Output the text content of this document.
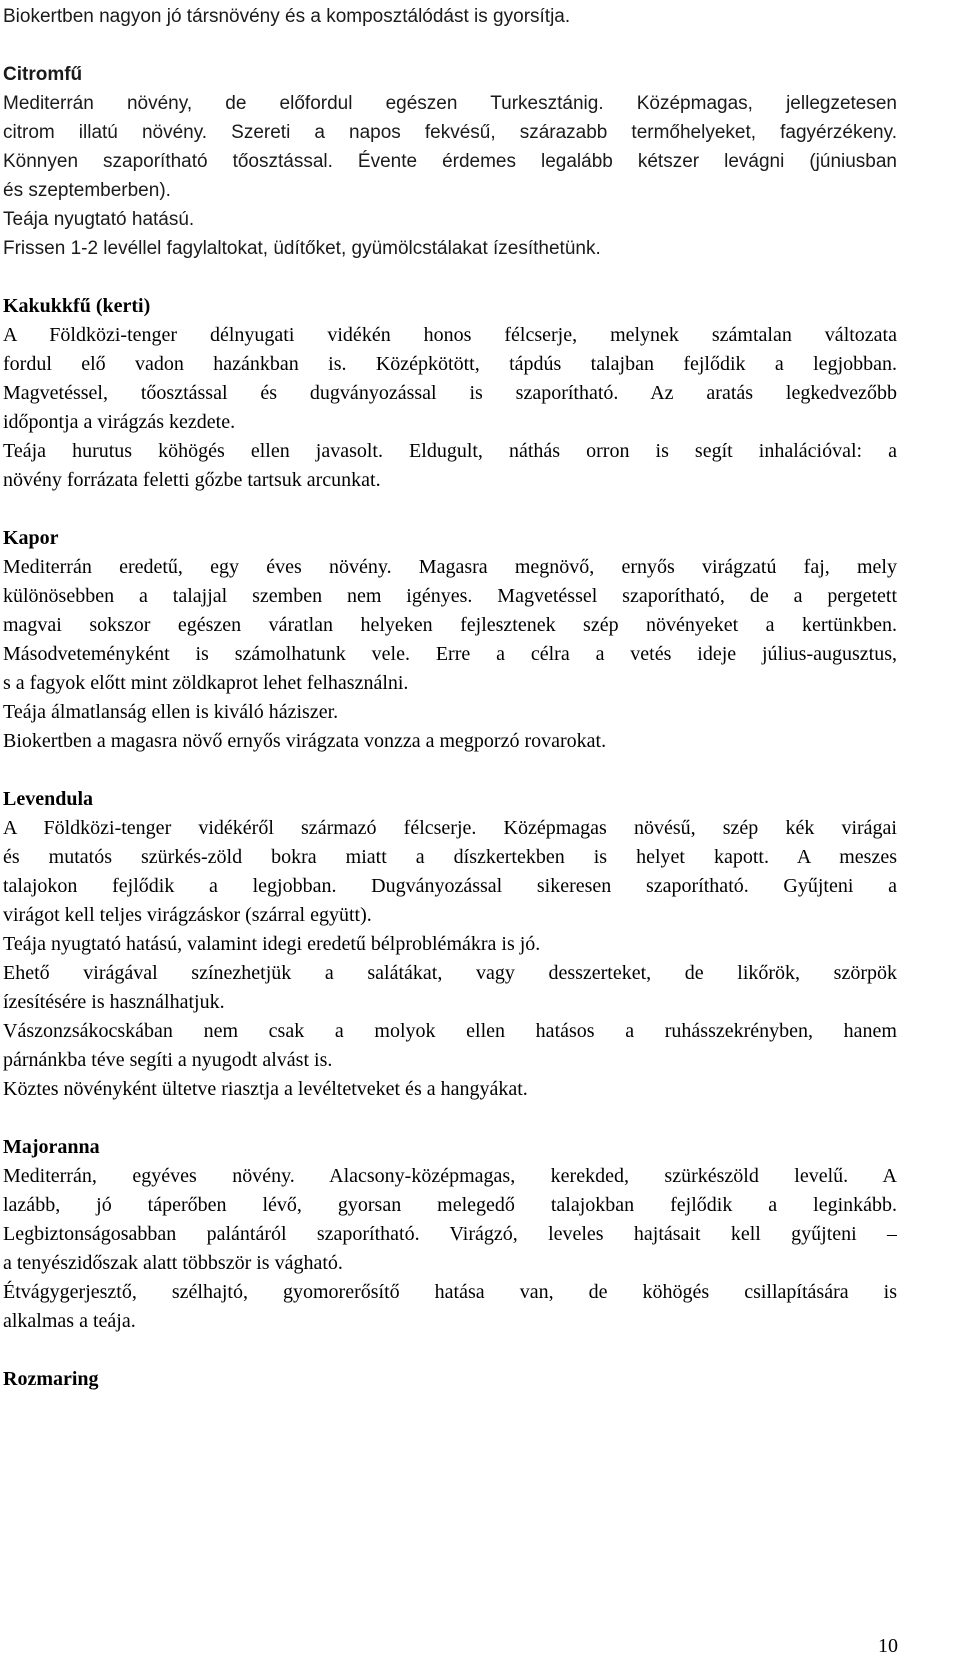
Biokertben nagyon jó társnövény és a komposztálódást is gyorsítja.
Citromfű
Mediterrán növény, de előfordul egészen Turkesztánig. Középmagas, jellegzetesen
citrom illatú növény. Szereti a napos fekvésű, szárazabb termőhelyeket, fagyérzékeny.
Könnyen szaporítható tőosztással. Évente érdemes legalább kétszer levágni (júniusban
és szeptemberben).
Teája nyugtató hatású.
Frissen 1-2 levéllel fagylaltokat, üdítőket, gyümölcstálakat ízesíthetünk.
Kakukkfű (kerti)
A Földközi-tenger délnyugati vidékén honos félcserje, melynek számtalan változata
fordul elő vadon hazánkban is. Középkötött, tápdús talajban fejlődik a legjobban.
Magvetéssel, tőosztással és dugványozással is szaporítható. Az aratás legkedvezőbb
időpontja a virágzás kezdete.
Teája hurutus köhögés ellen javasolt. Eldugult, náthás orron is segít inhalációval: a
növény forrázata feletti gőzbe tartsuk arcunkat.
Kapor
Mediterrán eredetű, egy éves növény. Magasra megnövő, ernyős virágzatú faj, mely
különösebben a talajjal szemben nem igényes. Magvetéssel szaporítható, de a pergetett
magvai sokszor egészen váratlan helyeken fejlesztenek szép növényeket a kertünkben.
Másodveteményként is számolhatunk vele. Erre a célra a vetés ideje július-augusztus,
s a fagyok előtt mint zöldkaprot lehet felhasználni.
Teája álmatlanság ellen is kiváló háziszer.
Biokertben a magasra növő ernyős virágzata vonzza a megporzó rovarokat.
Levendula
A Földközi-tenger vidékéről származó félcserje. Középmagas növésű, szép kék virágai
és mutatós szürkés-zöld bokra miatt a díszkertekben is helyet kapott. A meszes
talajokon fejlődik a legjobban. Dugványozással sikeresen szaporítható. Gyűjteni a
virágot kell teljes virágzáskor (szárral együtt).
Teája nyugtató hatású, valamint idegi eredetű bélproblémákra is jó.
Ehető virágával színezhetjük a salátákat, vagy desszerteket, de likőrök, szörpök
ízesítésére is használhatjuk.
Vászonzsákocskában nem csak a molyok ellen hatásos a ruhásszekrényben, hanem
párnánkba téve segíti a nyugodt alvást is.
Köztes növényként ültetve riasztja a levéltetveket és a hangyákat.
Majoranna
Mediterrán, egyéves növény. Alacsony-középmagas, kerekded, szürkészöld levelű. A
lazább, jó táperőben lévő, gyorsan melegedő talajokban fejlődik a leginkább.
Legbiztonságosabban palántáról szaporítható. Virágzó, leveles hajtásait kell gyűjteni –
a tenyészidőszak alatt többször is vágható.
Étvágygerjesztő, szélhajtó, gyomorerősítő hatása van, de köhögés csillapítására is
alkalmas a teája.
Rozmaring
10
